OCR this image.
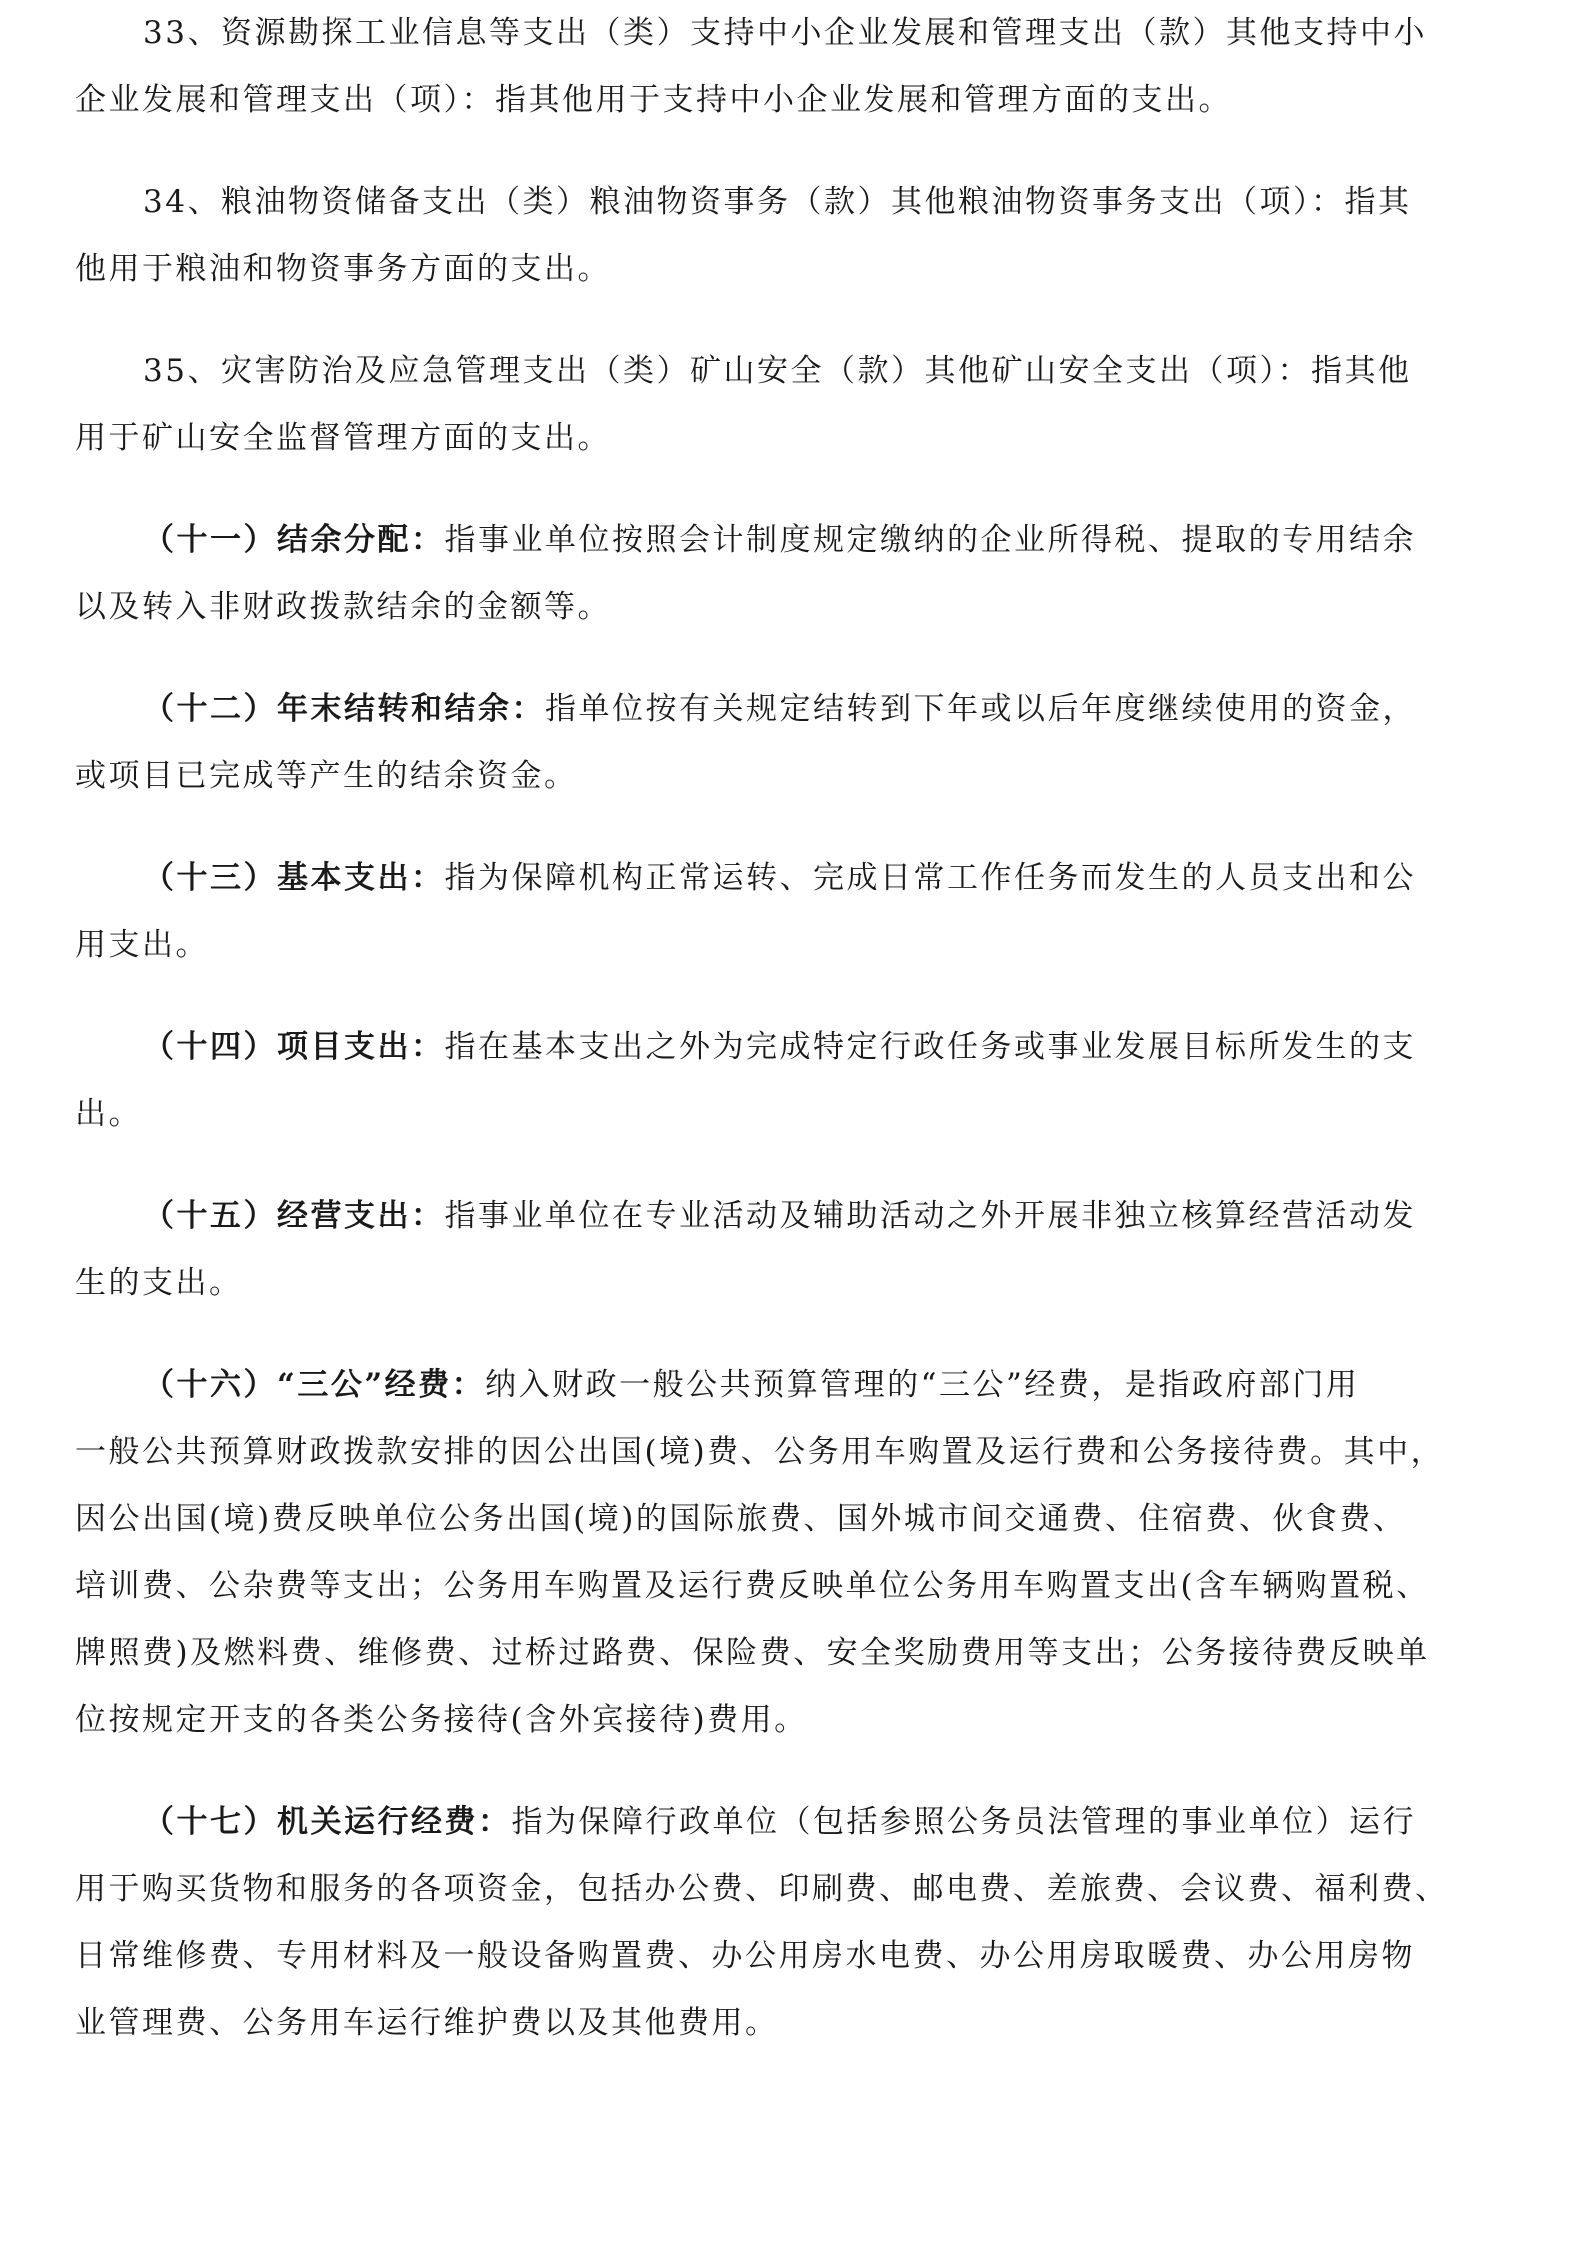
33、资源勘探工业信息等支出（类）支持中小企业发展和管理支出（款）其他支持中小
企业发展和管理支出（项）：指其他用于支持中小企业发展和管理方面的支出。

34、粮油物资储备支出（类）粮油物资事务（款）其他粮油物资事务支出（项）：指其
他用于粮油和物资事务方面的支出。

35、灾害防治及应急管理支出（类）矿山安全（款）其他矿山安全支出（项）：指其他
用于矿山安全监督管理方面的支出。

（十一）结余分配：指事业单位按照会计制度规定缴纳的企业所得税、提取的专用结余
以及转入非财政拨款结余的金额等。

（十二）年末结转和结余：指单位按有关规定结转到下年或以后年度继续使用的资金，
或项目已完成等产生的结余资金。

（十三）基本支出：指为保障机构正常运转、完成日常工作任务而发生的人员支出和公
用支出。

（十四）项目支出：指在基本支出之外为完成特定行政任务或事业发展目标所发生的支
出。

（十五）经营支出：指事业单位在专业活动及辅助活动之外开展非独立核算经营活动发
生的支出。

（十六）“三公”经费：纳入财政一般公共预算管理的“三公”经费，是指政府部门用
一般公共预算财政拨款安排的因公出国(境)费、公务用车购置及运行费和公务接待费。其中，
因公出国(境)费反映单位公务出国(境)的国际旅费、国外城市间交通费、住宿费、伙食费、
培训费、公杂费等支出；公务用车购置及运行费反映单位公务用车购置支出(含车辆购置税、
牌照费)及燃料费、维修费、过桥过路费、保险费、安全奖励费用等支出；公务接待费反映单
位按规定开支的各类公务接待(含外宾接待)费用。

（十七）机关运行经费：指为保障行政单位（包括参照公务员法管理的事业单位）运行
用于购买货物和服务的各项资金，包括办公费、印刷费、邮电费、差旅费、会议费、福利费、
日常维修费、专用材料及一般设备购置费、办公用房水电费、办公用房取暖费、办公用房物
业管理费、公务用车运行维护费以及其他费用。
